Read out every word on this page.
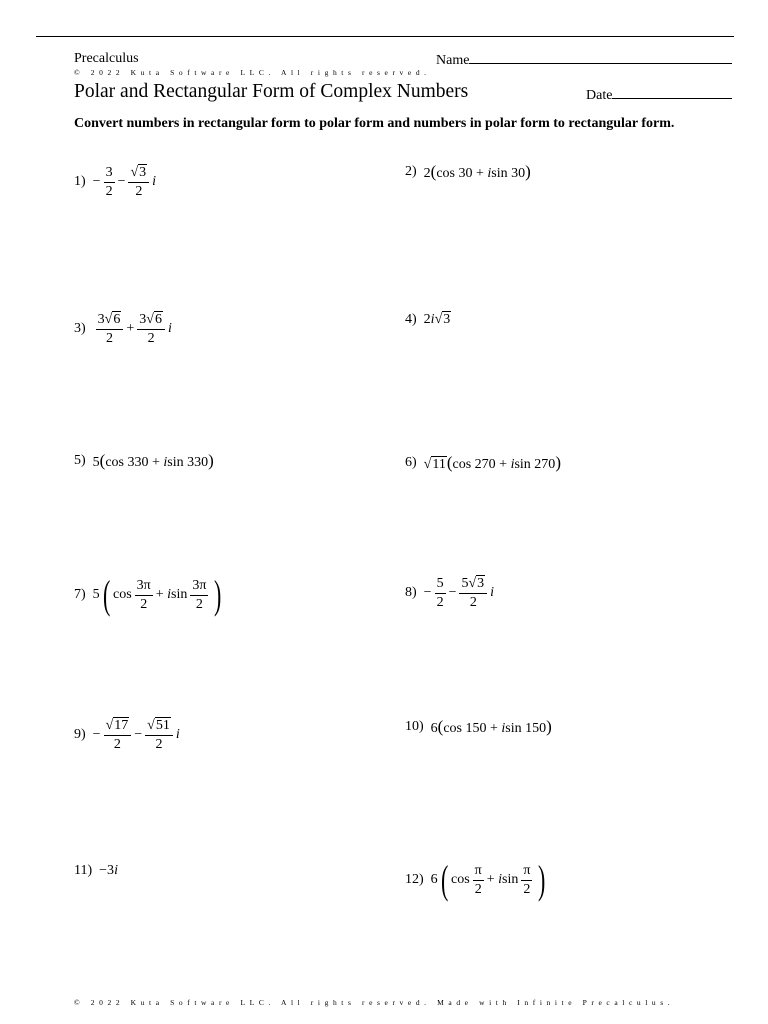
Precalculus	Name
© 2022 Kuta Software LLC. All rights reserved.
Polar and Rectangular Form of Complex Numbers	Date
Convert numbers in rectangular form to polar form and numbers in polar form to rectangular form.
$1) - \frac{3}{2} - \frac{√3}{2}$ i
2) 2(cos 30 + isin 30)
$3) \frac{3√6}{2} + \frac{3√6}{2}$ i
4) 2i√3
5) 5(cos 330 + isin 330)	6) √11(cos 270 + isin 270)
7) 5 ( $\cos \frac{3\pi}{2} + isin \frac{3\pi}{2}$ )	$8) - \frac{5}{2} - \frac{5√3}{2}$ i
$9) - \frac{√17}{2} - \frac{√51}{2}$ i
10) 6(cos 150 + isin 150)
11) −3i
12) 6 ( $\cos \frac{\pi}{2} + isin \frac{\pi}{2}$ )
© 2022 Kuta Software LLC. All rights reserved. Made with Infinite Precalculus.
